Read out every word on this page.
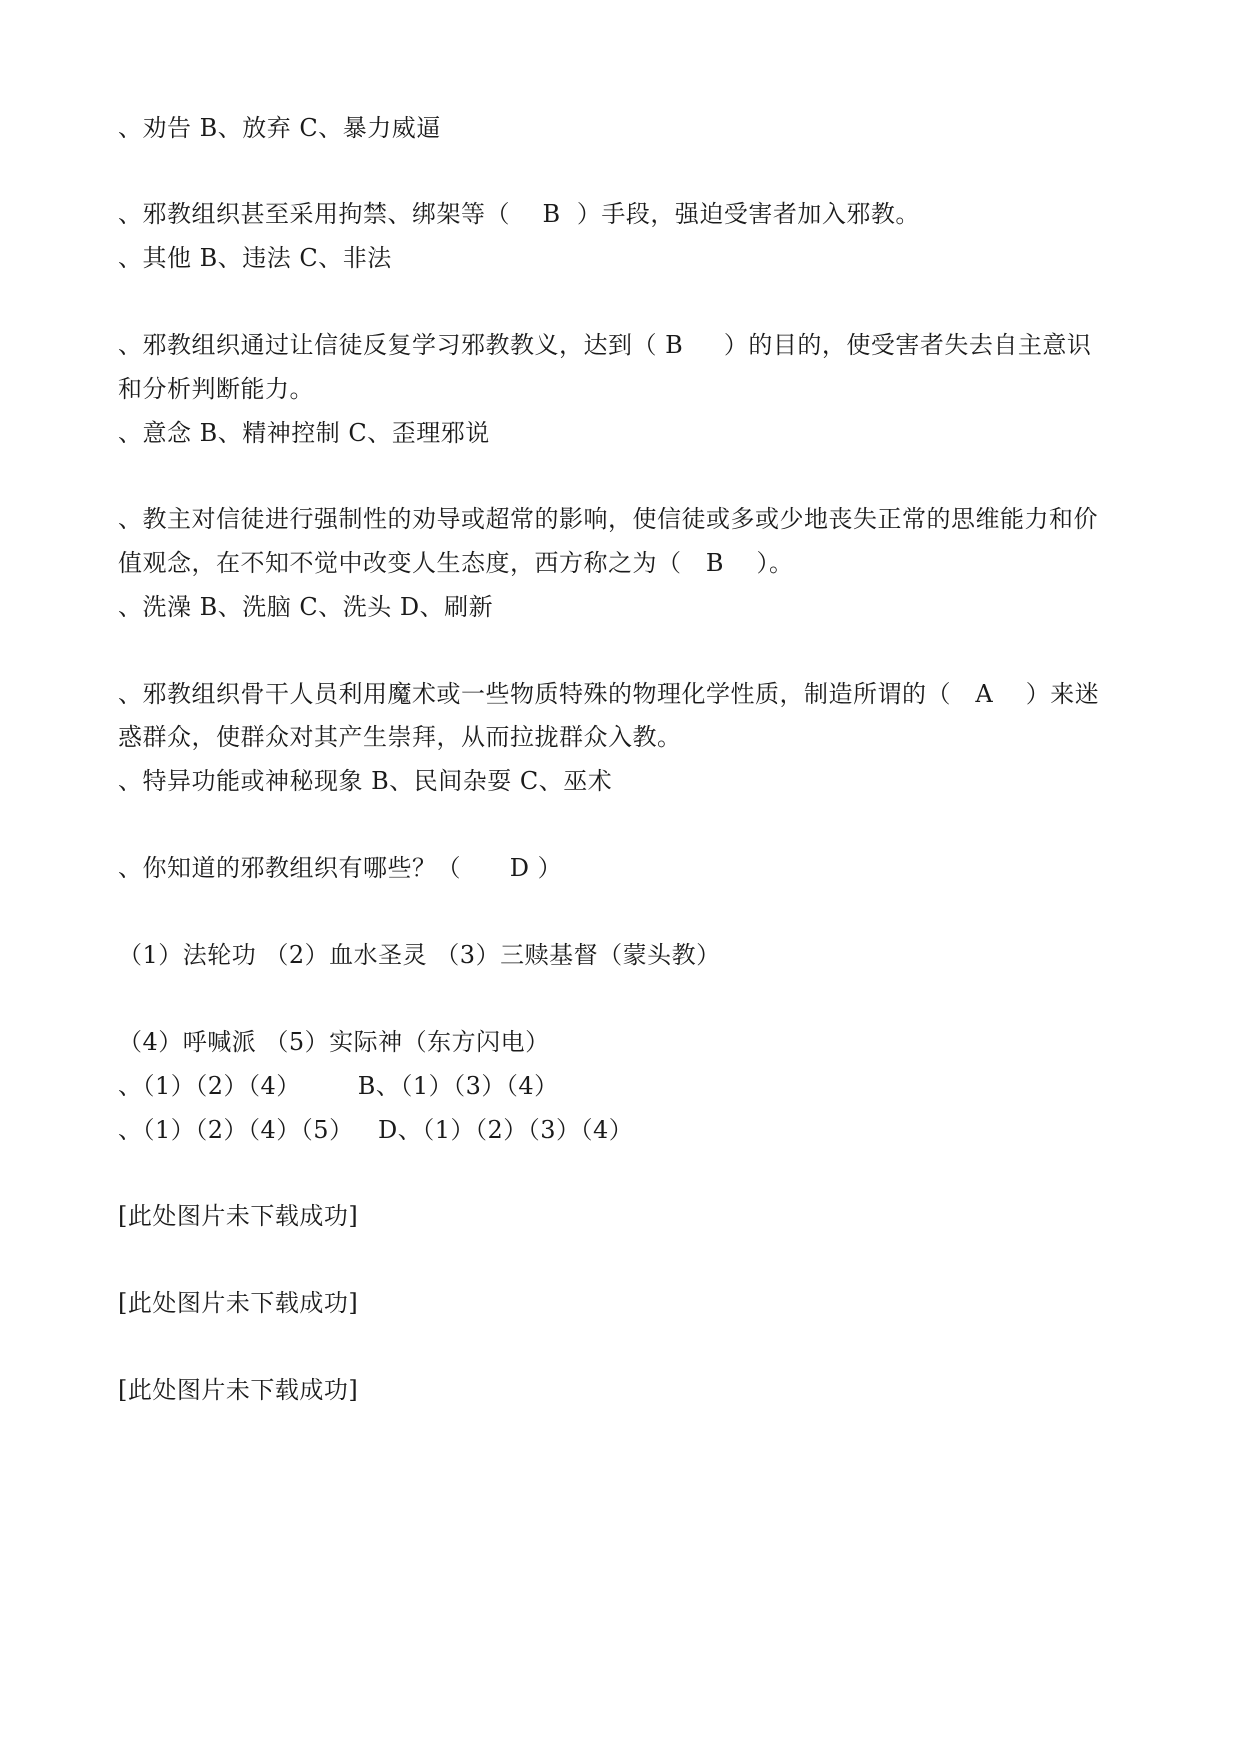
、劝告 B、放弃 C、暴力威逼
、邪教组织甚至采用拘禁、绑架等（    B  ）手段，强迫受害者加入邪教。
、其他 B、违法 C、非法
、邪教组织通过让信徒反复学习邪教教义，达到（ B     ）的目的，使受害者失去自主意识
和分析判断能力。
、意念 B、精神控制 C、歪理邪说
、教主对信徒进行强制性的劝导或超常的影响，使信徒或多或少地丧失正常的思维能力和价
值观念，在不知不觉中改变人生态度，西方称之为（   B    ）。
、洗澡 B、洗脑 C、洗头 D、刷新
、邪教组织骨干人员利用魔术或一些物质特殊的物理化学性质，制造所谓的（   A    ）来迷
惑群众，使群众对其产生崇拜，从而拉拢群众入教。
、特异功能或神秘现象 B、民间杂耍 C、巫术
、你知道的邪教组织有哪些？（      D ）
（1）法轮功 （2）血水圣灵 （3）三赎基督（蒙头教）
（4）呼喊派 （5）实际神（东方闪电）
、（1）（2）（4）       B、（1）（3）（4）
、（1）（2）（4）（5）   D、（1）（2）（3）（4）
[此处图片未下载成功]
[此处图片未下载成功]
[此处图片未下载成功]
